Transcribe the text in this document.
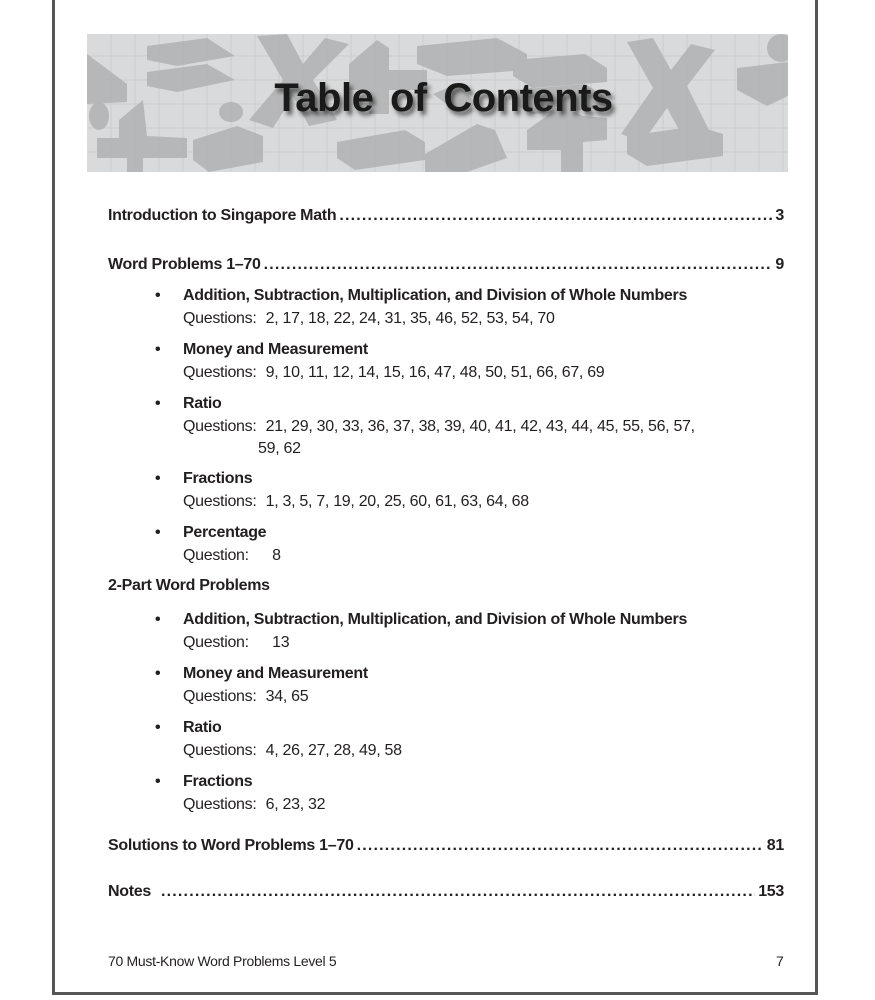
Table of Contents
Introduction to Singapore Math .....	3
Word Problems 1–70 .....	9
• Addition, Subtraction, Multiplication, and Division of Whole Numbers
Questions: 2, 17, 18, 22, 24, 31, 35, 46, 52, 53, 54, 70
• Money and Measurement
Questions: 9, 10, 11, 12, 14, 15, 16, 47, 48, 50, 51, 66, 67, 69
• Ratio
Questions: 21, 29, 30, 33, 36, 37, 38, 39, 40, 41, 42, 43, 44, 45, 55, 56, 57,
59, 62
• Fractions
Questions: 1, 3, 5, 7, 19, 20, 25, 60, 61, 63, 64, 68
• Percentage
Question: 8
2-Part Word Problems
• Addition, Subtraction, Multiplication, and Division of Whole Numbers
Question: 13
• Money and Measurement
Questions: 34, 65
• Ratio
Questions: 4, 26, 27, 28, 49, 58
• Fractions
Questions: 6, 23, 32
Solutions to Word Problems 1–70 .....	81
Notes .....	153
70 Must-Know Word Problems Level 5	7
